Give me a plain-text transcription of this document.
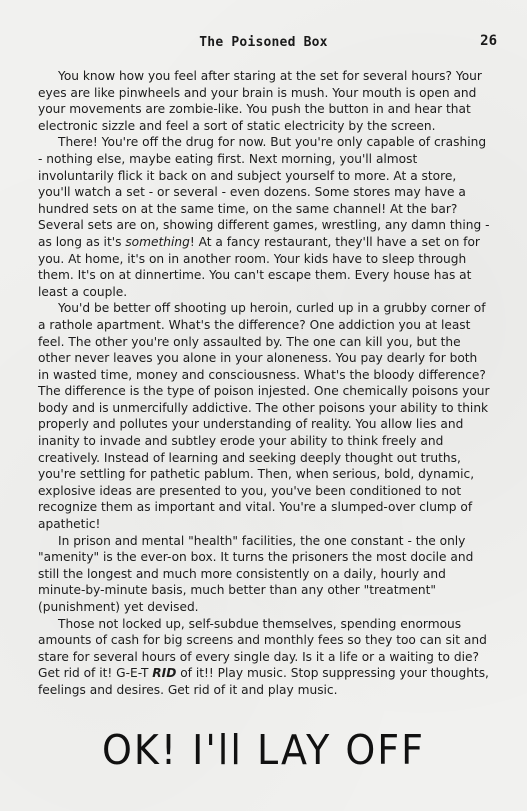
The Poisoned Box	26

You know how you feel after staring at the set for several hours? Your eyes are like pinwheels and your brain is mush. Your mouth is open and your movements are zombie-like. You push the button in and hear that electronic sizzle and feel a sort of static electricity by the screen.

There! You're off the drug for now. But you're only capable of crashing - nothing else, maybe eating first. Next morning, you'll almost involuntarily flick it back on and subject yourself to more. At a store, you'll watch a set - or several - even dozens. Some stores may have a hundred sets on at the same time, on the same channel! At the bar? Several sets are on, showing different games, wrestling, any damn thing - as long as it's something! At a fancy restaurant, they'll have a set on for you. At home, it's on in another room. Your kids have to sleep through them. It's on at dinnertime. You can't escape them. Every house has at least a couple.

You'd be better off shooting up heroin, curled up in a grubby corner of a rathole apartment. What's the difference? One addiction you at least feel. The other you're only assaulted by. The one can kill you, but the other never leaves you alone in your aloneness. You pay dearly for both in wasted time, money and consciousness. What's the bloody difference? The difference is the type of poison injested. One chemically poisons your body and is unmercifully addictive. The other poisons your ability to think properly and pollutes your understanding of reality. You allow lies and inanity to invade and subtley erode your ability to think freely and creatively. Instead of learning and seeking deeply thought out truths, you're settling for pathetic pablum. Then, when serious, bold, dynamic, explosive ideas are presented to you, you've been conditioned to not recognize them as important and vital. You're a slumped-over clump of apathetic!

In prison and mental "health" facilities, the one constant - the only "amenity" is the ever-on box. It turns the prisoners the most docile and still the longest and much more consistently on a daily, hourly and minute-by-minute basis, much better than any other "treatment" (punishment) yet devised.

Those not locked up, self-subdue themselves, spending enormous amounts of cash for big screens and monthly fees so they too can sit and stare for several hours of every single day. Is it a life or a waiting to die? Get rid of it! G-E-T RID of it!! Play music. Stop suppressing your thoughts, feelings and desires. Get rid of it and play music.

OK! I'll LAY OFF
